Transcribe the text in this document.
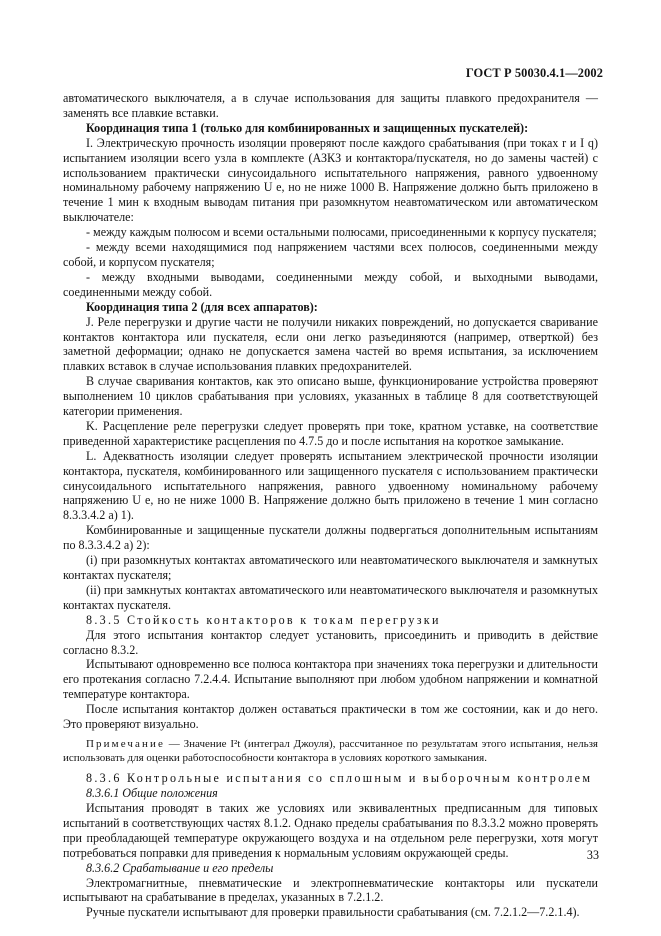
ГОСТ Р 50030.4.1—2002

автоматического выключателя, а в случае использования для защиты плавкого предохранителя — заменять все плавкие вставки.

Координация типа 1 (только для комбинированных и защищенных пускателей):

I. Электрическую прочность изоляции проверяют после каждого срабатывания (при токах r и I q) испытанием изоляции всего узла в комплекте (АЗКЗ и контактора/пускателя, но до замены частей) с использованием практически синусоидального испытательного напряжения, равного удвоенному номинальному рабочему напряжению U e, но не ниже 1000 В. Напряжение должно быть приложено в течение 1 мин к входным выводам питания при разомкнутом неавтоматическом или автоматическом выключателе:

- между каждым полюсом и всеми остальными полюсами, присоединенными к корпусу пускателя;

- между всеми находящимися под напряжением частями всех полюсов, соединенными между собой, и корпусом пускателя;

- между входными выводами, соединенными между собой, и выходными выводами, соединенными между собой.

Координация типа 2 (для всех аппаратов):

J. Реле перегрузки и другие части не получили никаких повреждений, но допускается сваривание контактов контактора или пускателя, если они легко разъединяются (например, отверткой) без заметной деформации; однако не допускается замена частей во время испытания, за исключением плавких вставок в случае использования плавких предохранителей.

В случае сваривания контактов, как это описано выше, функционирование устройства проверяют выполнением 10 циклов срабатывания при условиях, указанных в таблице 8 для соответствующей категории применения.

K. Расцепление реле перегрузки следует проверять при токе, кратном уставке, на соответствие приведенной характеристике расцепления по 4.7.5 до и после испытания на короткое замыкание.

L. Адекватность изоляции следует проверять испытанием электрической прочности изоляции контактора, пускателя, комбинированного или защищенного пускателя с использованием практически синусоидального испытательного напряжения, равного удвоенному номинальному рабочему напряжению U e, но не ниже 1000 В. Напряжение должно быть приложено в течение 1 мин согласно 8.3.3.4.2 а) 1).

Комбинированные и защищенные пускатели должны подвергаться дополнительным испытаниям по 8.3.3.4.2 а) 2):

(i) при разомкнутых контактах автоматического или неавтоматического выключателя и замкнутых контактах пускателя;

(ii) при замкнутых контактах автоматического или неавтоматического выключателя и разомкнутых контактах пускателя.

8.3.5 Стойкость контакторов к токам перегрузки

Для этого испытания контактор следует установить, присоединить и приводить в действие согласно 8.3.2.

Испытывают одновременно все полюса контактора при значениях тока перегрузки и длительности его протекания согласно 7.2.4.4. Испытание выполняют при любом удобном напряжении и комнатной температуре контактора.

После испытания контактор должен оставаться практически в том же состоянии, как и до него. Это проверяют визуально.

Примечание — Значение I²t (интеграл Джоуля), рассчитанное по результатам этого испытания, нельзя использовать для оценки работоспособности контактора в условиях короткого замыкания.

8.3.6 Контрольные испытания со сплошным и выборочным контролем

8.3.6.1 Общие положения

Испытания проводят в таких же условиях или эквивалентных предписанным для типовых испытаний в соответствующих частях 8.1.2. Однако пределы срабатывания по 8.3.3.2 можно проверять при преобладающей температуре окружающего воздуха и на отдельном реле перегрузки, хотя могут потребоваться поправки для приведения к нормальным условиям окружающей среды.

8.3.6.2 Срабатывание и его пределы

Электромагнитные, пневматические и электропневматические контакторы или пускатели испытывают на срабатывание в пределах, указанных в 7.2.1.2.

Ручные пускатели испытывают для проверки правильности срабатывания (см. 7.2.1.2—7.2.1.4).

33
